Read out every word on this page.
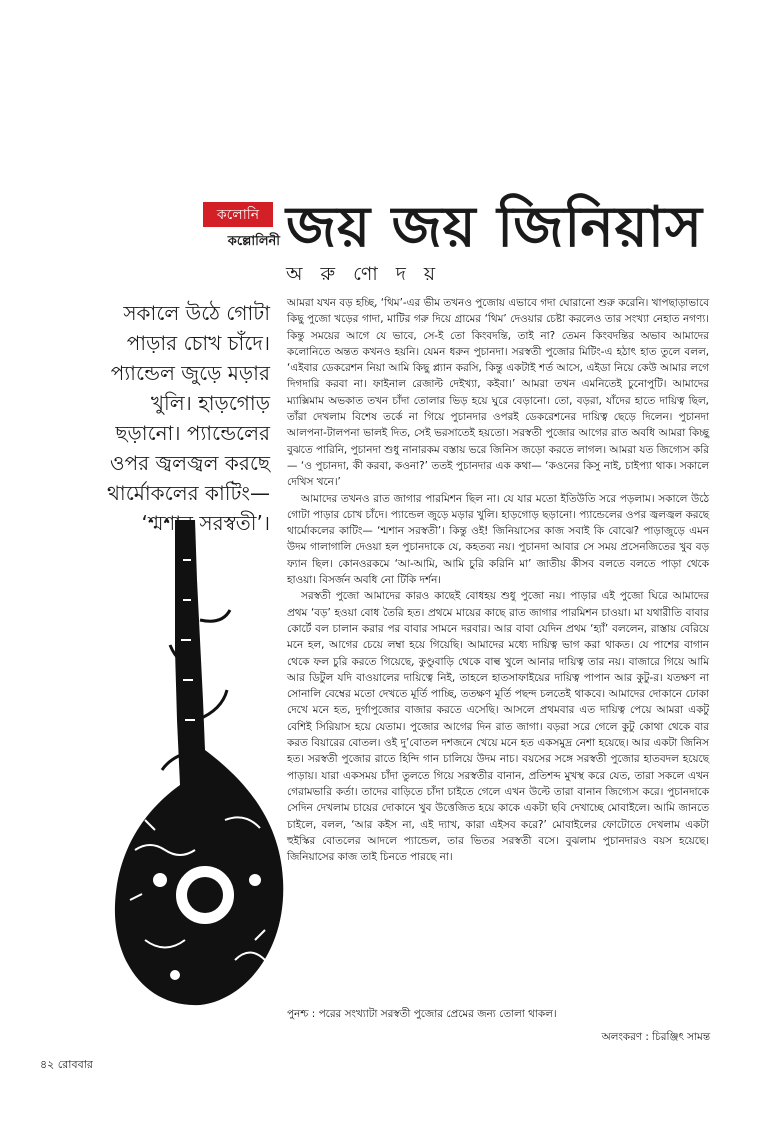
কলোনি
কল্লোলিনী জয় জয় জিনিয়াস
অ রু ণো দ য়
সকালে উঠে গোটা পাড়ার চোখ চাঁদে। প্যান্ডেল জুড়ে মড়ার খুলি। হাড়গোড় ছড়ানো। প্যান্ডেলের ওপর জ্বলজ্বল করছে থার্মোকলের কাটিং— ‘শ্মশান সরস্বতী’।

আমরা যখন বড় হচ্ছি, ‘থিম’-এর ভীম তখনও পুজোয় এভাবে গদা ঘোরানো শুরু করেনি। খাপছাড়াভাবে কিছু পুজো খড়ের গাদা, মাটির গরু দিয়ে গ্রামের ‘থিম’ দেওয়ার চেষ্টা করলেও তার সংখ্যা নেহাত নগণ্য। কিন্তু সময়ের আগে যে ভাবে, সে-ই তো কিংবদন্তি, তাই না? তেমন কিংবদন্তির অভাব আমাদের কলোনিতে অন্তত কখনও হয়নি। যেমন ধরুন পুচানদা। সরস্বতী পুজোর মিটিং-এ হঠাৎ হাত তুলে বলল, ‘এইবার ডেকরেশন নিয়া আমি কিছু প্ল্যান করসি, কিন্তু একটাই শর্ত আসে, এইডা নিয়ে কেউ আমার লগে দিগদারি করবা না। ফাইনাল রেজাল্ট দেইখ্যা, কইবা।’ আমরা তখন এমনিতেই চুনোপুটি। আমাদের ম্যাক্সিমাম অভকাত তখন চাঁদা তোলার ভিড় হয়ে ঘুরে বেড়ানো। তো, বড়রা, যাঁদের হাতে দায়িত্ব ছিল, তাঁরা দেখলাম বিশেষ তর্কে না গিয়ে পুচানদার ওপরই ডেকরেশনের দায়িত্ব ছেড়ে দিলেন। পুচানদা আলপনা-টালপনা ভালই দিত, সেই ভরসাতেই হয়তো। সরস্বতী পুজোর আগের রাত অবধি আমরা কিচ্ছু বুঝতে পারিনি, পুচানদা শুধু নানারকম বস্তায় ভরে জিনিস জড়ো করতে লাগল। আমরা যত জিগ্যেস করি— ‘ও পুচানদা, কী করবা, কওনা?’ ততই পুচানদার এক কথা— ‘কওনের কিসু নাই, চাইপ্যা থাক। সকালে দেখিস খনে।’

আমাদের তখনও রাত জাগার পারমিশন ছিল না। যে যার মতো ইতিউতি সরে পড়লাম। সকালে উঠে গোটা পাড়ার চোখ চাঁদে। প্যান্ডেল জুড়ে মড়ার খুলি। হাড়গোড় ছড়ানো। প্যান্ডেলের ওপর জ্বলজ্বল করছে থার্মোকলের কাটিং— ‘শ্মশান সরস্বতী’। কিন্তু ওই! জিনিয়াসের কাজ সবাই কি বোঝে? পাড়াজুড়ে এমন উদম গালাগালি দেওয়া হল পুচানদাকে যে, কহতব্য নয়। পুচানদা আবার সে সময় প্রসেনজিতের খুব বড় ফ্যান ছিল। কোনওরকমে ‘আ-আমি, আমি চুরি করিনি মা’ জাতীয় কীসব বলতে বলতে পাড়া থেকে হাওয়া। বিসর্জন অবধি নো টিকি দর্শন।

সরস্বতী পুজো আমাদের কারও কাছেই বোধহয় শুধু পুজো নয়। পাড়ার এই পুজো ঘিরে আমাদের প্রথম ‘বড়’ হওয়া বোধ তৈরি হত। প্রথমে মায়ের কাছে রাত জাগার পারমিশন চাওয়া। মা যথারীতি বাবার কোর্টে বল চালান করার পর বাবার সামনে দরবার। আর বাবা যেদিন প্রথম ‘হ্যাঁ’ বললেন, রাস্তায় বেরিয়ে মনে হল, আগের চেয়ে লম্বা হয়ে গিয়েছি। আমাদের মধ্যে দায়িত্ব ভাগ করা থাকত। যে পাশের বাগান থেকে ফল চুরি করতে গিয়েছে, কুণ্ডুবাড়ি থেকে বাল্ব খুলে আনার দায়িত্ব তার নয়। বাজারে গিয়ে আমি আর ডিটুল যদি বাওয়ালের দায়িত্বে নিই, তাহলে হাতসাফাইয়ের দায়িত্ব পাপান আর কুটু-র। যতক্ষণ না সোনালি বেম্বের মতো দেখতে মূর্তি পাচ্ছি, ততক্ষণ মূর্তি পছন্দ চলতেই থাকবে। আমাদের দোকানে ঢোকা দেখে মনে হত, দুর্গাপুজোর বাজার করতে এসেছি। আসলে প্রথমবার এত দায়িত্ব পেয়ে আমরা একটু বেশিই সিরিয়াস হয়ে যেতাম। পুজোর আগের দিন রাত জাগা। বড়রা সরে গেলে কুটু কোথা থেকে বার করত বিয়ারের বোতল। ওই দু’বোতল দশজনে খেয়ে মনে হত একসমুদ্র নেশা হয়েছে। আর একটা জিনিস হত। সরস্বতী পুজোর রাতে হিন্দি গান চালিয়ে উদম নাচ। বয়সের সঙ্গে সরস্বতী পুজোর হাতবদল হয়েছে পাড়ায়। যারা একসময় চাঁদা তুলতে গিয়ে সরস্বতীর বানান, প্রতিশব্দ মুখস্থ করে যেত, তারা সকলে এখন গেরামভারি কর্তা। তাদের বাড়িতে চাঁদা চাইতে গেলে এখন উল্টে তারা বানান জিগ্যেস করে। পুচানদাকে সেদিন দেখলাম চায়ের দোকানে খুব উত্তেজিত হয়ে কাকে একটা ছবি দেখাচ্ছে মোবাইলে। আমি জানতে চাইলে, বলল, ‘আর কইস না, এই দ্যাখ, কারা এইসব করে?’ মোবাইলের ফোটোতে দেখলাম একটা হুইস্কির বোতলের আদলে প্যান্ডেল, তার ভিতর সরস্বতী বসে। বুঝলাম পুচানদারও বয়স হয়েছে। জিনিয়াসের কাজ তাই চিনতে পারছে না।

পুনশ্চ : পরের সংখ্যাটা সরস্বতী পুজোর প্রেমের জন্য তোলা থাকল।
অলংকরণ : চিরঞ্জিৎ সামন্ত
৪২ রোববার
